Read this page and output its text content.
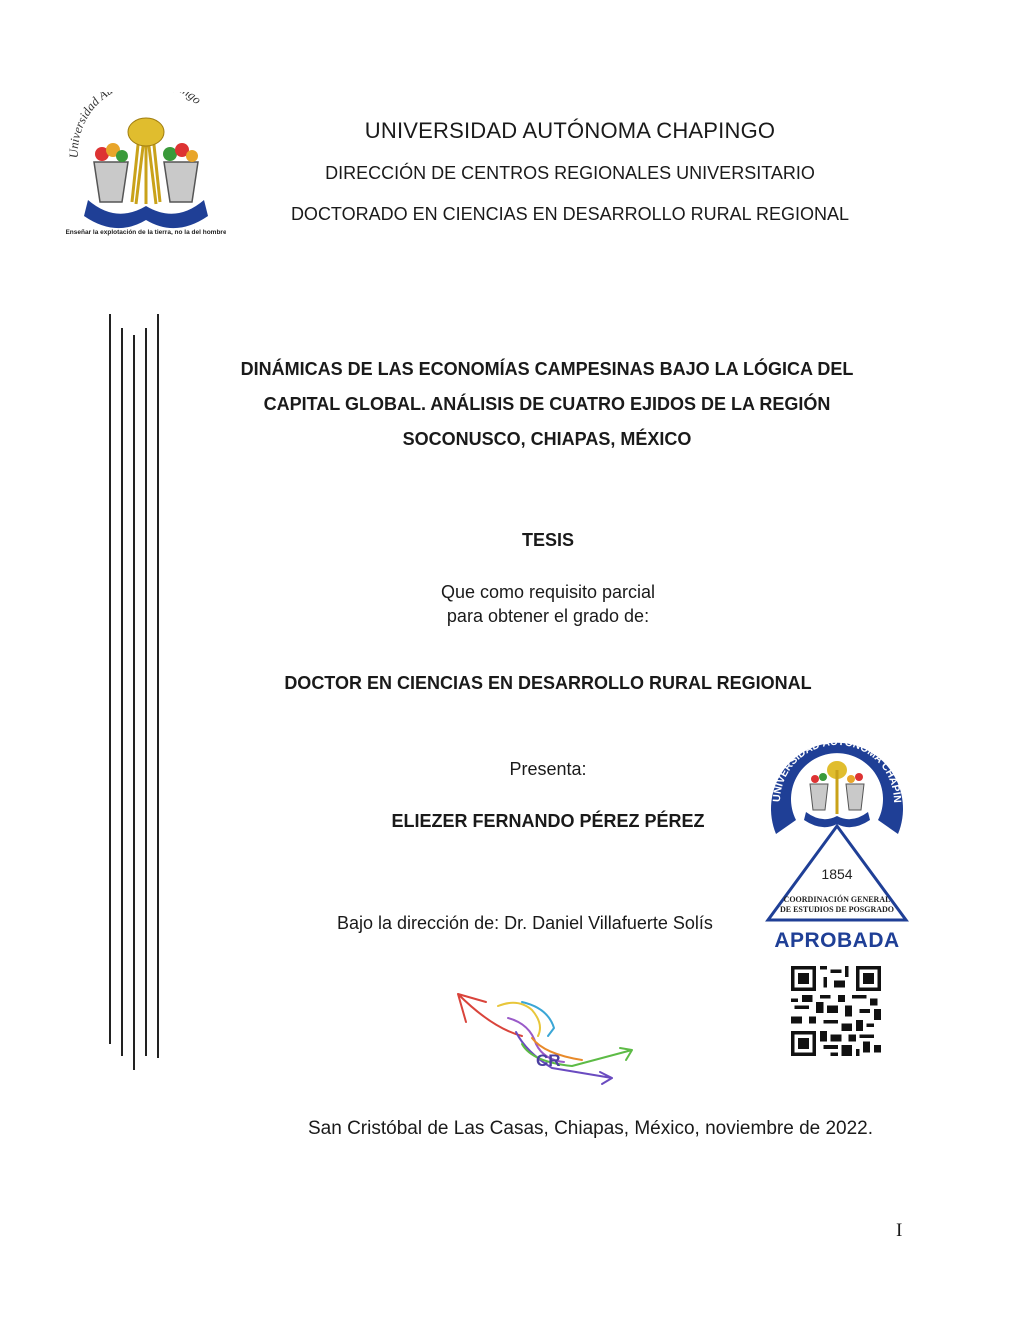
Universidad A go
Enseñar la explotación de la tierra, no la del hombre
UNIVERSIDAD AUTÓNOMA CHAPINGO
DIRECCIÓN DE CENTROS REGIONALES UNIVERSITARIO
DOCTORADO EN CIENCIAS EN DESARROLLO RURAL REGIONAL
DINÁMICAS DE LAS ECONOMÍAS CAMPESINAS BAJO LA LÓGICA DEL
CAPITAL GLOBAL. ANÁLISIS DE CUATRO EJIDOS DE LA REGIÓN
SOCONUSCO, CHIAPAS, MÉXICO
TESIS
Que como requisito parcial
para obtener el grado de:
DOCTOR EN CIENCIAS EN DESARROLLO RURAL REGIONAL
Presenta:
ELIEZER FERNANDO PÉREZ PÉREZ
Bajo la dirección de: Dr. Daniel Villafuerte Solís
UNIVERSIDAD AUTÓNOMA CHAPIN
1854
COORDINACIÓN GENERAL
DE ESTUDIOS DE POSGRADO
APROBADA
CR
San Cristóbal de Las Casas, Chiapas, México, noviembre de 2022.
I
